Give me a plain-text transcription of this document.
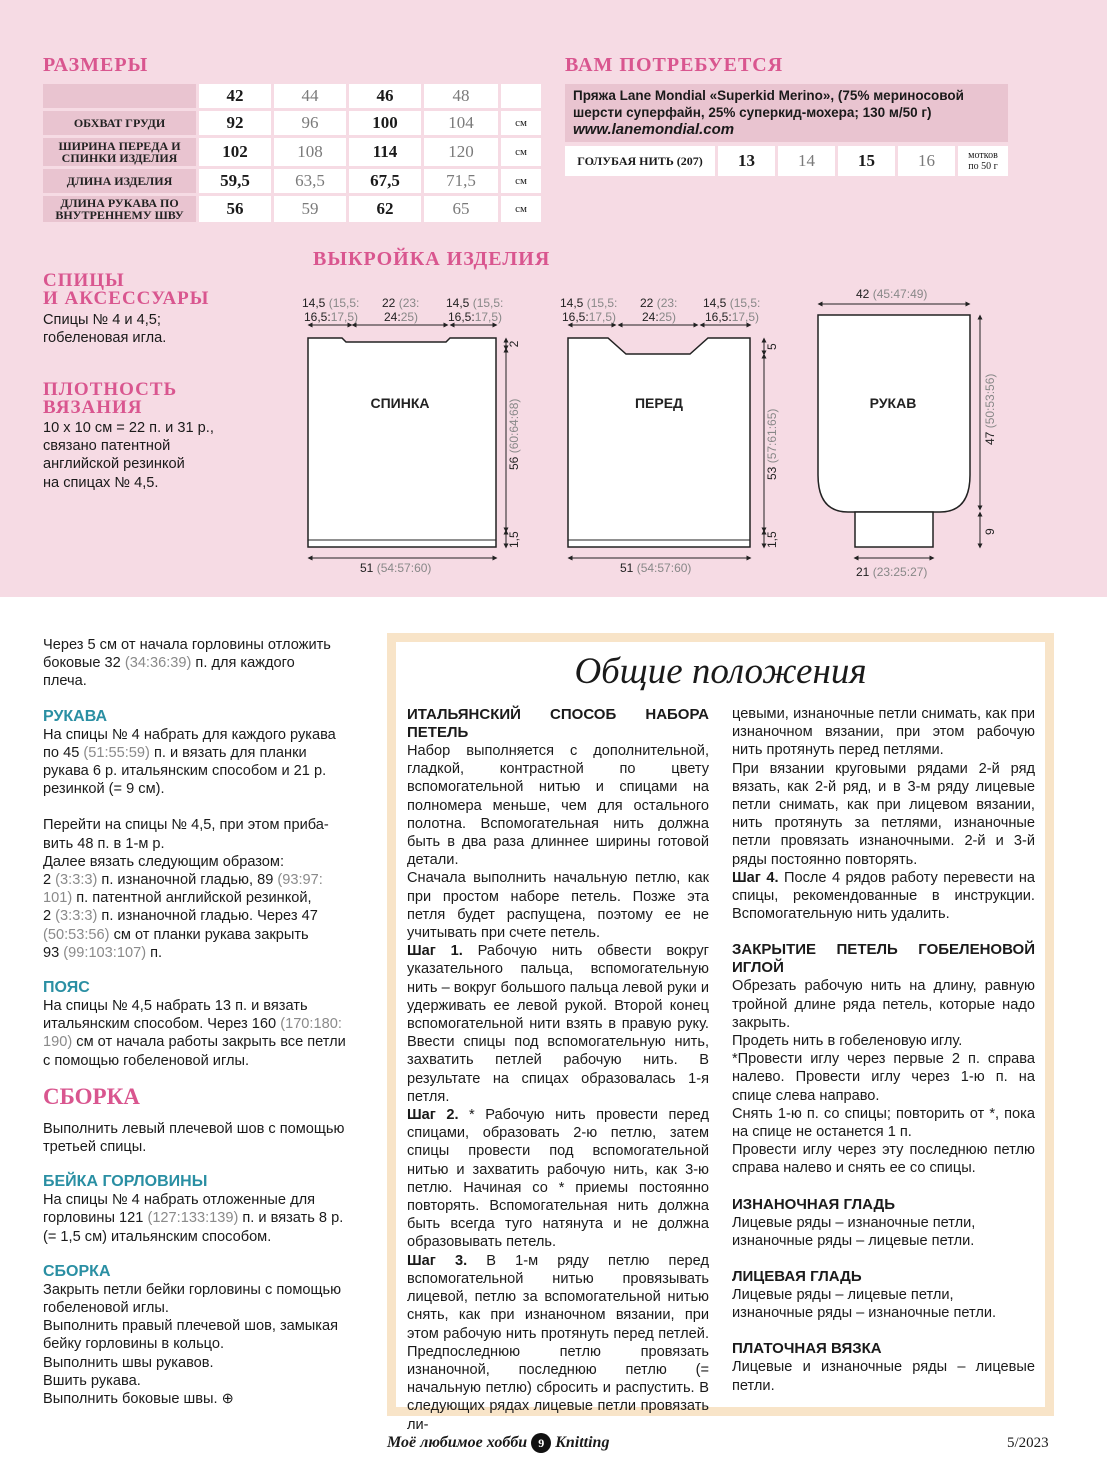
РАЗМЕРЫ
42	44	46	48
ОБХВАТ ГРУДИ	92	96	100	104	см
ШИРИНА ПЕРЕДА И СПИНКИ ИЗДЕЛИЯ	102	108	114	120	см
ДЛИНА ИЗДЕЛИЯ	59,5	63,5	67,5	71,5	см
ДЛИНА РУКАВА ПО ВНУТРЕННЕМУ ШВУ	56	59	62	65	см
ВАМ ПОТРЕБУЕТСЯ
Пряжа Lane Mondial «Superkid Merino», (75% мериносовой
шерсти суперфайн, 25% суперкид-мохера; 130 м/50 г)
www.lanemondial.com
ГОЛУБАЯ НИТЬ (207)	13	14	15	16	мотков
по 50 г
СПИЦЫ
И АКСЕССУАРЫ
Спицы № 4 и 4,5;
гобеленовая игла.
ПЛОТНОСТЬ
ВЯЗАНИЯ
10 х 10 см = 22 п. и 31 р.,
связано патентной
английской резинкой
на спицах № 4,5.
ВЫКРОЙКА ИЗДЕЛИЯ
СПИНКА	ПЕРЕД	РУКАВ
14,5 (15,5:
16,5:17,5)
22 (23:
24:25)
14,5 (15,5:
16,5:17,5)
14,5 (15,5:
16,5:17,5)
22 (23:
24:25)
14,5 (15,5:
16,5:17,5)
51 (54:57:60)	51 (54:57:60)
42 (45:47:49)
21 (23:25:27)
2
56 (60:64:68)
1,5
5
53 (57:61:65)
1,5
47 (50:53:56)
9

Через 5 см от начала горловины отложить
боковые 32 (34:36:39) п. для каждого
плеча.

РУКАВА

На спицы № 4 набрать для каждого рукава
по 45 (51:55:59) п. и вязать для планки
рукава 6 р. итальянским способом и 21 р.
резинкой (= 9 см).

Перейти на спицы № 4,5, при этом приба-
вить 48 п. в 1-м р.
Далее вязать следующим образом:
2 (3:3:3) п. изнаночной гладью, 89 (93:97:
101) п. патентной английской резинкой,
2 (3:3:3) п. изнаночной гладью. Через 47
(50:53:56) см от планки рукава закрыть
93 (99:103:107) п.

ПОЯС

На спицы № 4,5 набрать 13 п. и вязать
итальянским способом. Через 160 (170:180:
190) см от начала работы закрыть все петли
с помощью гобеленовой иглы.

СБОРКА

Выполнить левый плечевой шов с помощью
третьей спицы.

БЕЙКА ГОРЛОВИНЫ

На спицы № 4 набрать отложенные для
горловины 121 (127:133:139) п. и вязать 8 р.
(= 1,5 см) итальянским способом.

СБОРКА

Закрыть петли бейки горловины с помощью
гобеленовой иглы.
Выполнить правый плечевой шов, замыкая
бейку горловины в кольцо.
Выполнить швы рукавов.
Вшить рукава.
Выполнить боковые швы. ⊕

Общие положения
ИТАЛЬЯНСКИЙ СПОСОБ НАБОРА ПЕТЕЛЬ

Набор выполняется с дополнительной, гладкой, контрастной по цвету вспомогательной нитью и спицами на полномера меньше, чем для остального полотна. Вспомогательная нить должна быть в два раза длиннее ширины готовой детали.

Сначала выполнить начальную петлю, как при простом наборе петель. Позже эта петля будет распущена, поэтому ее не учитывать при счете петель.

Шаг 1. Рабочую нить обвести вокруг указательного пальца, вспомогательную нить – вокруг большого пальца левой руки и удерживать ее левой рукой. Второй конец вспомогательной нити взять в правую руку. Ввести спицы под вспомогательную нить, захватить петлей рабочую нить. В результате на спицах образовалась 1-я петля.

Шаг 2. * Рабочую нить провести перед спицами, образовать 2-ю петлю, затем спицы провести под вспомогательной нитью и захватить рабочую нить, как 3-ю петлю. Начиная со * приемы постоянно повторять. Вспомогательная нить должна быть всегда туго натянута и не должна образовывать петель.

Шаг 3. В 1-м ряду петлю перед вспомогательной нитью провязывать лицевой, петлю за вспомогательной нитью снять, как при изнаночном вязании, при этом рабочую нить протянуть перед петлей. Предпоследнюю петлю провязать изнаночной, последнюю петлю (= начальную петлю) сбросить и распустить. В следующих рядах лицевые петли провязать ли-

цевыми, изнаночные петли снимать, как при изнаночном вязании, при этом рабочую нить протянуть перед петлями.

При вязании круговыми рядами 2-й ряд вязать, как 2-й ряд, и в 3-м ряду лицевые петли снимать, как при лицевом вязании, нить протянуть за петлями, изнаночные петли провязать изнаночными. 2-й и 3-й ряды постоянно повторять.

Шаг 4. После 4 рядов работу перевести на спицы, рекомендованные в инструкции. Вспомогательную нить удалить.

ЗАКРЫТИЕ ПЕТЕЛЬ ГОБЕЛЕНОВОЙ ИГЛОЙ

Обрезать рабочую нить на длину, равную тройной длине ряда петель, которые надо закрыть.

Продеть нить в гобеленовую иглу.

*Провести иглу через первые 2 п. справа налево. Провести иглу через 1-ю п. на спице слева направо.

Снять 1-ю п. со спицы; повторить от *, пока на спице не останется 1 п.

Провести иглу через эту последнюю петлю справа налево и снять ее со спицы.

ИЗНАНОЧНАЯ ГЛАДЬ

Лицевые ряды – изнаночные петли,
изнаночные ряды – лицевые петли.

ЛИЦЕВАЯ ГЛАДЬ

Лицевые ряды – лицевые петли,
изнаночные ряды – изнаночные петли.

ПЛАТОЧНАЯ ВЯЗКА

Лицевые и изнаночные ряды – лицевые петли.

Моё любимое хобби 9 Knitting	5/2023
